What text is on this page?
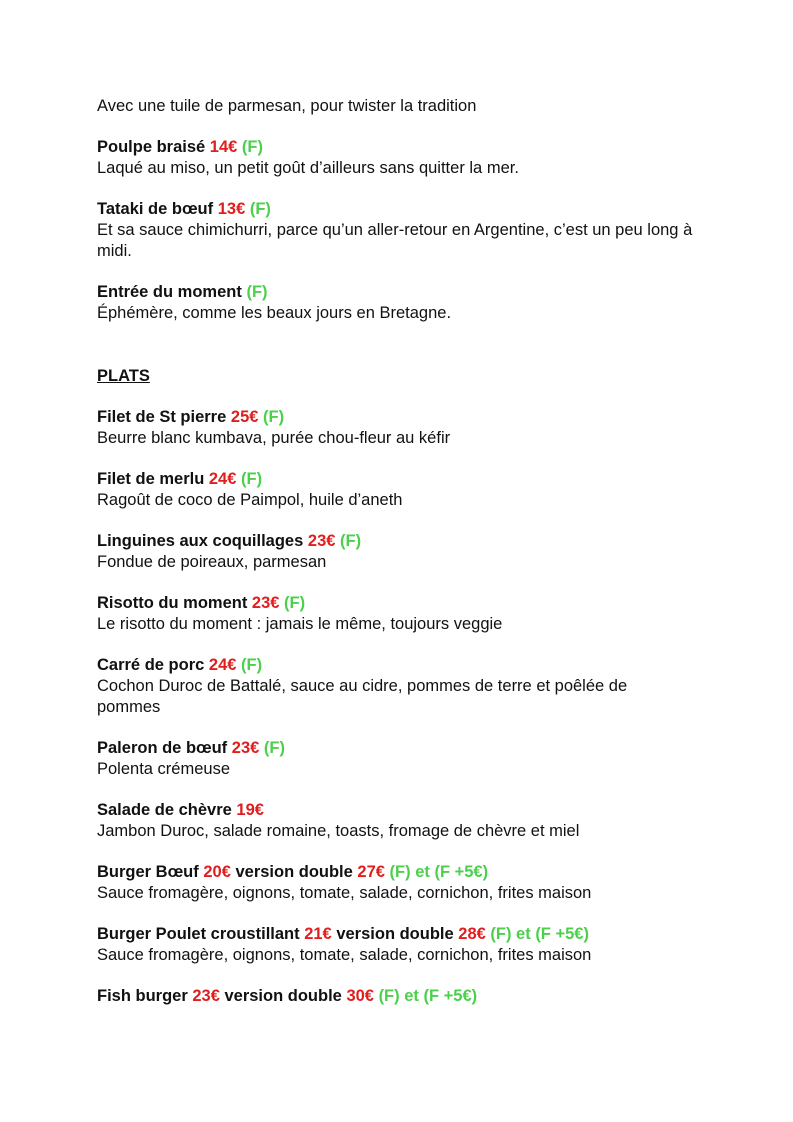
Avec une tuile de parmesan, pour twister la tradition

Poulpe braisé 14€ (F)
Laqué au miso, un petit goût d’ailleurs sans quitter la mer.
Tataki de bœuf 13€ (F)
Et sa sauce chimichurri, parce qu’un aller-retour en Argentine, c’est un peu long à midi.
Entrée du moment (F)
Éphémère, comme les beaux jours en Bretagne.
PLATS
Filet de St pierre 25€ (F)
Beurre blanc kumbava, purée chou-fleur au kéfir
Filet de merlu 24€ (F)
Ragoût de coco de Paimpol, huile d’aneth
Linguines aux coquillages 23€ (F)
Fondue de poireaux, parmesan
Risotto du moment 23€ (F)
Le risotto du moment : jamais le même, toujours veggie
Carré de porc 24€ (F)
Cochon Duroc de Battalé, sauce au cidre, pommes de terre et poêlée de pommes
Paleron de bœuf 23€ (F)
Polenta crémeuse
Salade de chèvre 19€
Jambon Duroc, salade romaine, toasts, fromage de chèvre et miel
Burger Bœuf 20€ version double 27€ (F) et (F +5€)
Sauce fromagère, oignons, tomate, salade, cornichon, frites maison
Burger Poulet croustillant 21€ version double 28€ (F) et (F +5€)
Sauce fromagère, oignons, tomate, salade, cornichon, frites maison
Fish burger 23€ version double 30€ (F) et (F +5€)
